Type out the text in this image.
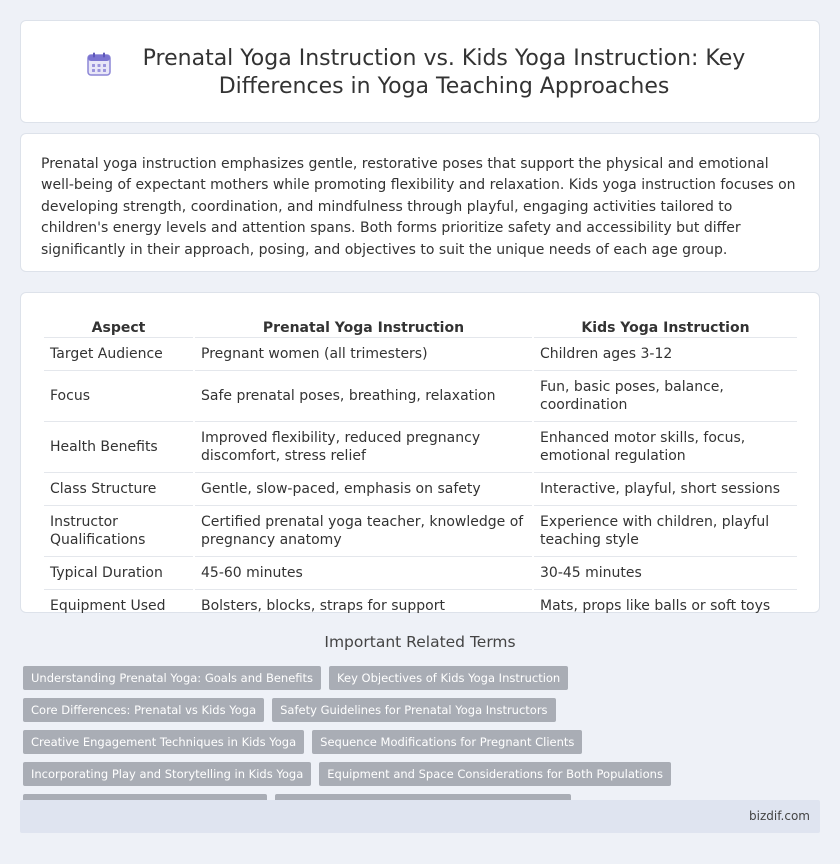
Prenatal Yoga Instruction vs. Kids Yoga Instruction: Key Differences in Yoga Teaching Approaches

Prenatal yoga instruction emphasizes gentle, restorative poses that support the physical and emotional well-being of expectant mothers while promoting flexibility and relaxation. Kids yoga instruction focuses on developing strength, coordination, and mindfulness through playful, engaging activities tailored to children's energy levels and attention spans. Both forms prioritize safety and accessibility but differ significantly in their approach, posing, and objectives to suit the unique needs of each age group.

Aspect	Prenatal Yoga Instruction	Kids Yoga Instruction
Target Audience	Pregnant women (all trimesters)	Children ages 3-12
Focus	Safe prenatal poses, breathing, relaxation	Fun, basic poses, balance, coordination
Health Benefits	Improved flexibility, reduced pregnancy discomfort, stress relief	Enhanced motor skills, focus, emotional regulation
Class Structure	Gentle, slow-paced, emphasis on safety	Interactive, playful, short sessions
Instructor Qualifications	Certified prenatal yoga teacher, knowledge of pregnancy anatomy	Experience with children, playful teaching style
Typical Duration	45-60 minutes	30-45 minutes
Equipment Used	Bolsters, blocks, straps for support	Mats, props like balls or soft toys
Important Related Terms
Understanding Prenatal Yoga: Goals and Benefits	Key Objectives of Kids Yoga Instruction
Core Differences: Prenatal vs Kids Yoga	Safety Guidelines for Prenatal Yoga Instructors
Creative Engagement Techniques in Kids Yoga	Sequence Modifications for Pregnant Clients
Incorporating Play and Storytelling in Kids Yoga	Equipment and Space Considerations for Both Populations
bizdif.com
